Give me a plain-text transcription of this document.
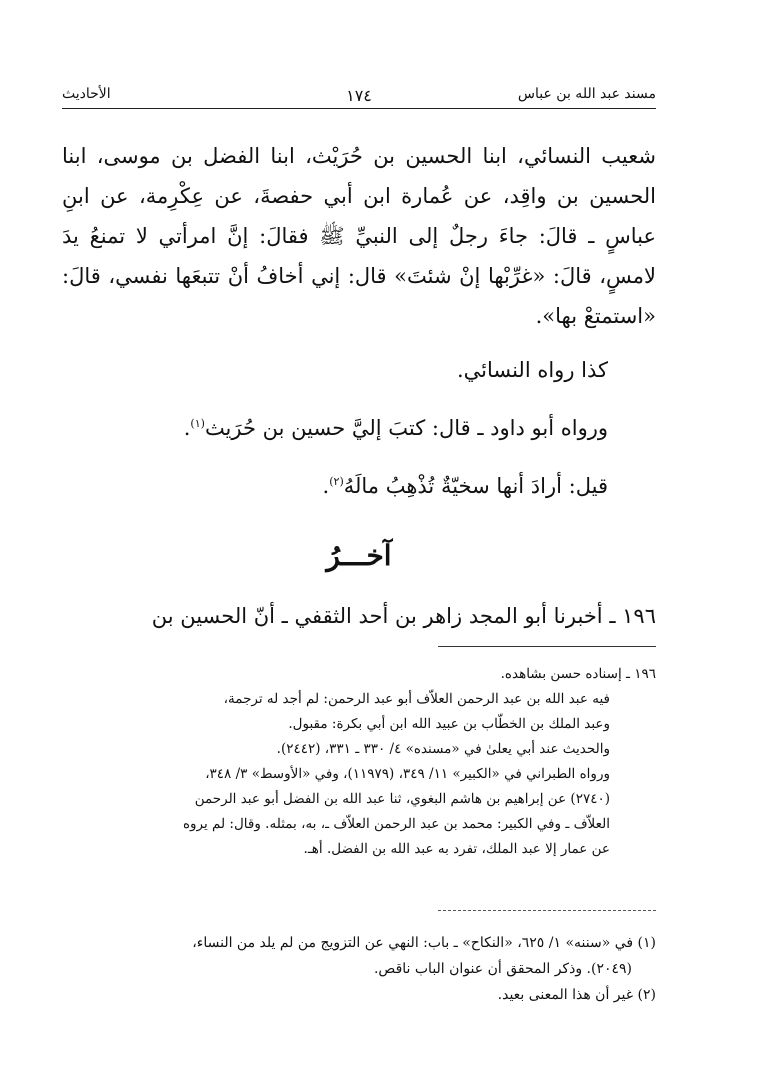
مسند عبد الله بن عباس
١٧٤
الأحاديث

شعيب النسائي، ابنا الحسين بن حُرَيْث، ابنا الفضل بن موسى، ابنا الحسين بن واقِد، عن عُمارة ابن أبي حفصةَ، عن عِكْرِمة، عن ابنِ عباسٍ ـ قالَ: جاءَ رجلٌ إلى النبيِّ ﷺ فقالَ: إنَّ امرأتي لا تمنعُ يدَ لامسٍ، قالَ: «غرِّبْها إنْ شئتَ» قال: إني أخافُ أنْ تتبعَها نفسي، قالَ: «استمتعْ بها».

كذا رواه النسائي.

ورواه أبو داود ـ قال: كتبَ إليَّ حسين بن حُرَيث$^{(١)}$.

قيل: أرادَ أنها سخيّةٌ تُذْهِبُ مالَهُ$^{(٢)}$.

آخـــرُ

١٩٦ ـ أخبرنا أبو المجد زاهر بن أحد الثقفي ـ أنّ الحسين بن

١٩٦ ـ إسناده حسن بشاهده.

فيه عبد الله بن عبد الرحمن العلاّف أبو عبد الرحمن: لم أجد له ترجمة،

وعبد الملك بن الخطّاب بن عبيد الله ابن أبي بكرة: مقبول.

والحديث عند أبي يعلىٰ في «مسنده» ٤/ ٣٣٠ ـ ٣٣١، (٢٤٤٢).

ورواه الطبراني في «الكبير» ١١/ ٣٤٩، (١١٩٧٩)، وفي «الأوسط» ٣/ ٣٤٨،

(٢٧٤٠) عن إبراهيم بن هاشم البغوي، ثنا عبد الله بن الفضل أبو عبد الرحمن

العلاّف ـ وفي الكبير: محمد بن عبد الرحمن العلاّف ـ، به، بمثله. وقال: لم يروه

عن عمار إلا عبد الملك، تفرد به عبد الله بن الفضل. أهـ.

(١) في «سننه» ١/ ٦٢٥، «النكاح» ـ باب: النهي عن التزويج من لم يلد من النساء،

(٢٠٤٩). وذكر المحقق أن عنوان الباب ناقص.

(٢) غير أن هذا المعنى بعيد.
